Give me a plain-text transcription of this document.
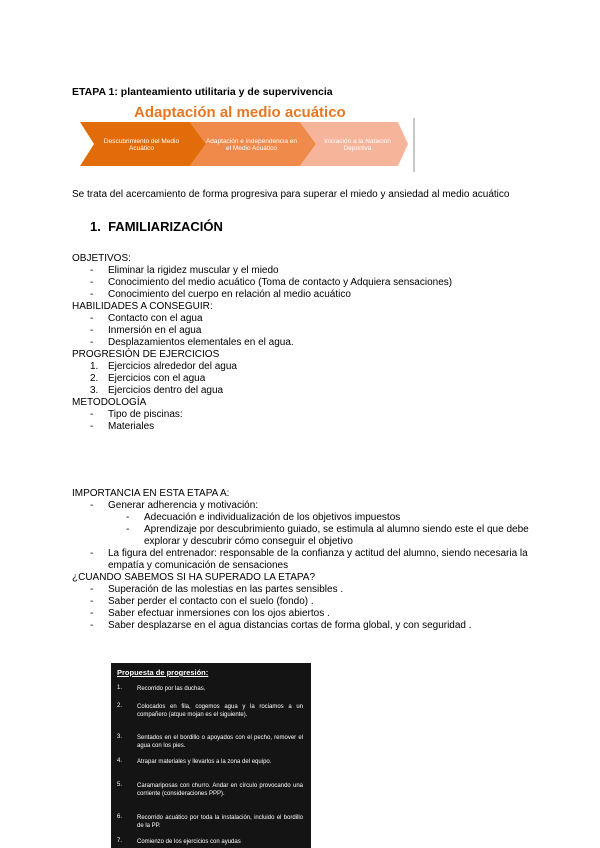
ETAPA 1: planteamiento utilitaria y de supervivencia
Adaptación al medio acuático
Descubrimiento del Medio Acuático
Adaptación e independencia en el Medio Acuático
Iniciación a la Natación Deportiva
Se trata del acercamiento de forma progresiva para superar el miedo y ansiedad al medio acuático
1. FAMILIARIZACIÓN
OBJETIVOS:
- Eliminar la rigidez muscular y el miedo
- Conocimiento del medio acuático (Toma de contacto y Adquiera sensaciones)
- Conocimiento del cuerpo en relación al medio acuático
HABILIDADES A CONSEGUIR:
- Contacto con el agua
- Inmersión en el agua
- Desplazamientos elementales en el agua.
PROGRESIÓN DE EJERCICIOS
1. Ejercicios alrededor del agua
2. Ejercicios con el agua
3. Ejercicios dentro del agua
METODOLOGÍA
- Tipo de piscinas:
- Materiales
IMPORTANCIA EN ESTA ETAPA A:
- Generar adherencia y motivación:
- Adecuación e individualización de los objetivos impuestos
- Aprendizaje por descubrimiento guiado, se estimula al alumno siendo este el que debe explorar y descubrir cómo conseguir el objetivo
- La figura del entrenador: responsable de la confianza y actitud del alumno, siendo necesaria la empatía y comunicación de sensaciones
¿CUANDO SABEMOS SI HA SUPERADO LA ETAPA?
- Superación de las molestias en las partes sensibles .
- Saber perder el contacto con el suelo (fondo) .
- Saber efectuar inmersiones con los ojos abiertos .
- Saber desplazarse en el agua distancias cortas de forma global, y con seguridad .
Propuesta de progresión:
1.	Recorrido por las duchas.
2.	Colocados en fila, cogemos agua y la rociamos a un compañero (atque mojan es el siguiente).
3.	Sentados en el bordillo o apoyados con el pecho, remover el agua con los pies.
4.	Atrapar materiales y llevarlos a la zona del equipo.
5.	Caramariposas con churro. Andar en círculo provocando una corriente (consideraciones PPP).
6.	Recorrido acuático por toda la instalación, incluido el bordillo de la PP.
7.	Comienzo de los ejercicios con ayudas
